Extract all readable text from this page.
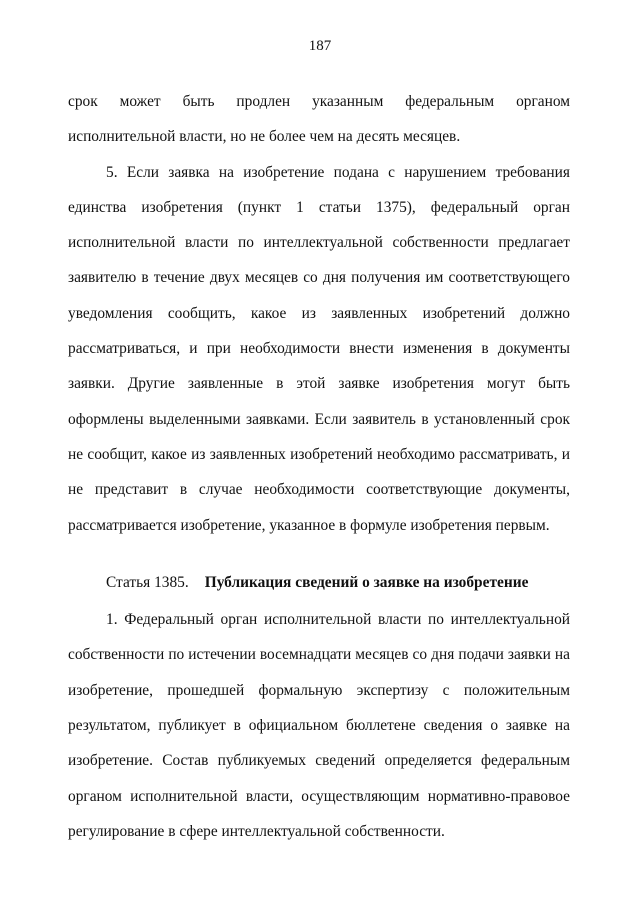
187

срок может быть продлен указанным федеральным органом исполнительной власти, но не более чем на десять месяцев.

5. Если заявка на изобретение подана с нарушением требования единства изобретения (пункт 1 статьи 1375), федеральный орган исполнительной власти по интеллектуальной собственности предлагает заявителю в течение двух месяцев со дня получения им соответствующего уведомления сообщить, какое из заявленных изобретений должно рассматриваться, и при необходимости внести изменения в документы заявки. Другие заявленные в этой заявке изобретения могут быть оформлены выделенными заявками. Если заявитель в установленный срок не сообщит, какое из заявленных изобретений необходимо рассматривать, и не представит в случае необходимости соответствующие документы, рассматривается изобретение, указанное в формуле изобретения первым.

Статья 1385. Публикация сведений о заявке на изобретение

1. Федеральный орган исполнительной власти по интеллектуальной собственности по истечении восемнадцати месяцев со дня подачи заявки на изобретение, прошедшей формальную экспертизу с положительным результатом, публикует в официальном бюллетене сведения о заявке на изобретение. Состав публикуемых сведений определяется федеральным органом исполнительной власти, осуществляющим нормативно-правовое регулирование в сфере интеллектуальной собственности.
